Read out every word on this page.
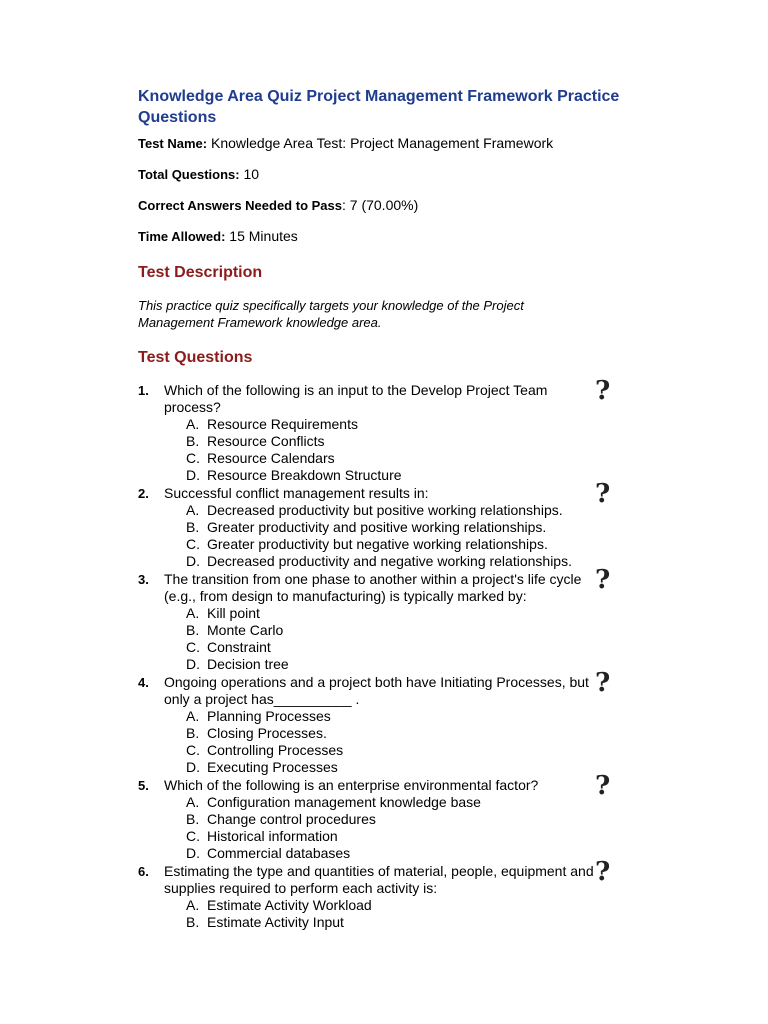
Knowledge Area Quiz Project Management Framework Practice Questions

Test Name: Knowledge Area Test: Project Management Framework

Total Questions: 10

Correct Answers Needed to Pass: 7 (70.00%)

Time Allowed: 15 Minutes

Test Description

This practice quiz specifically targets your knowledge of the Project Management Framework knowledge area.

Test Questions
1. Which of the following is an input to the Develop Project Team process?
A. Resource Requirements
B. Resource Conflicts
C. Resource Calendars
D. Resource Breakdown Structure
?
2. Successful conflict management results in:
A. Decreased productivity but positive working relationships.
B. Greater productivity and positive working relationships.
C. Greater productivity but negative working relationships.
D. Decreased productivity and negative working relationships.
?
3. The transition from one phase to another within a project's life cycle (e.g., from design to manufacturing) is typically marked by:
A. Kill point
B. Monte Carlo
C. Constraint
D. Decision tree
?
4. Ongoing operations and a project both have Initiating Processes, but only a project has__________ .
A. Planning Processes
B. Closing Processes.
C. Controlling Processes
D. Executing Processes
?
5. Which of the following is an enterprise environmental factor?
A. Configuration management knowledge base
B. Change control procedures
C. Historical information
D. Commercial databases
?
6. Estimating the type and quantities of material, people, equipment and supplies required to perform each activity is:
A. Estimate Activity Workload
B. Estimate Activity Input
?
